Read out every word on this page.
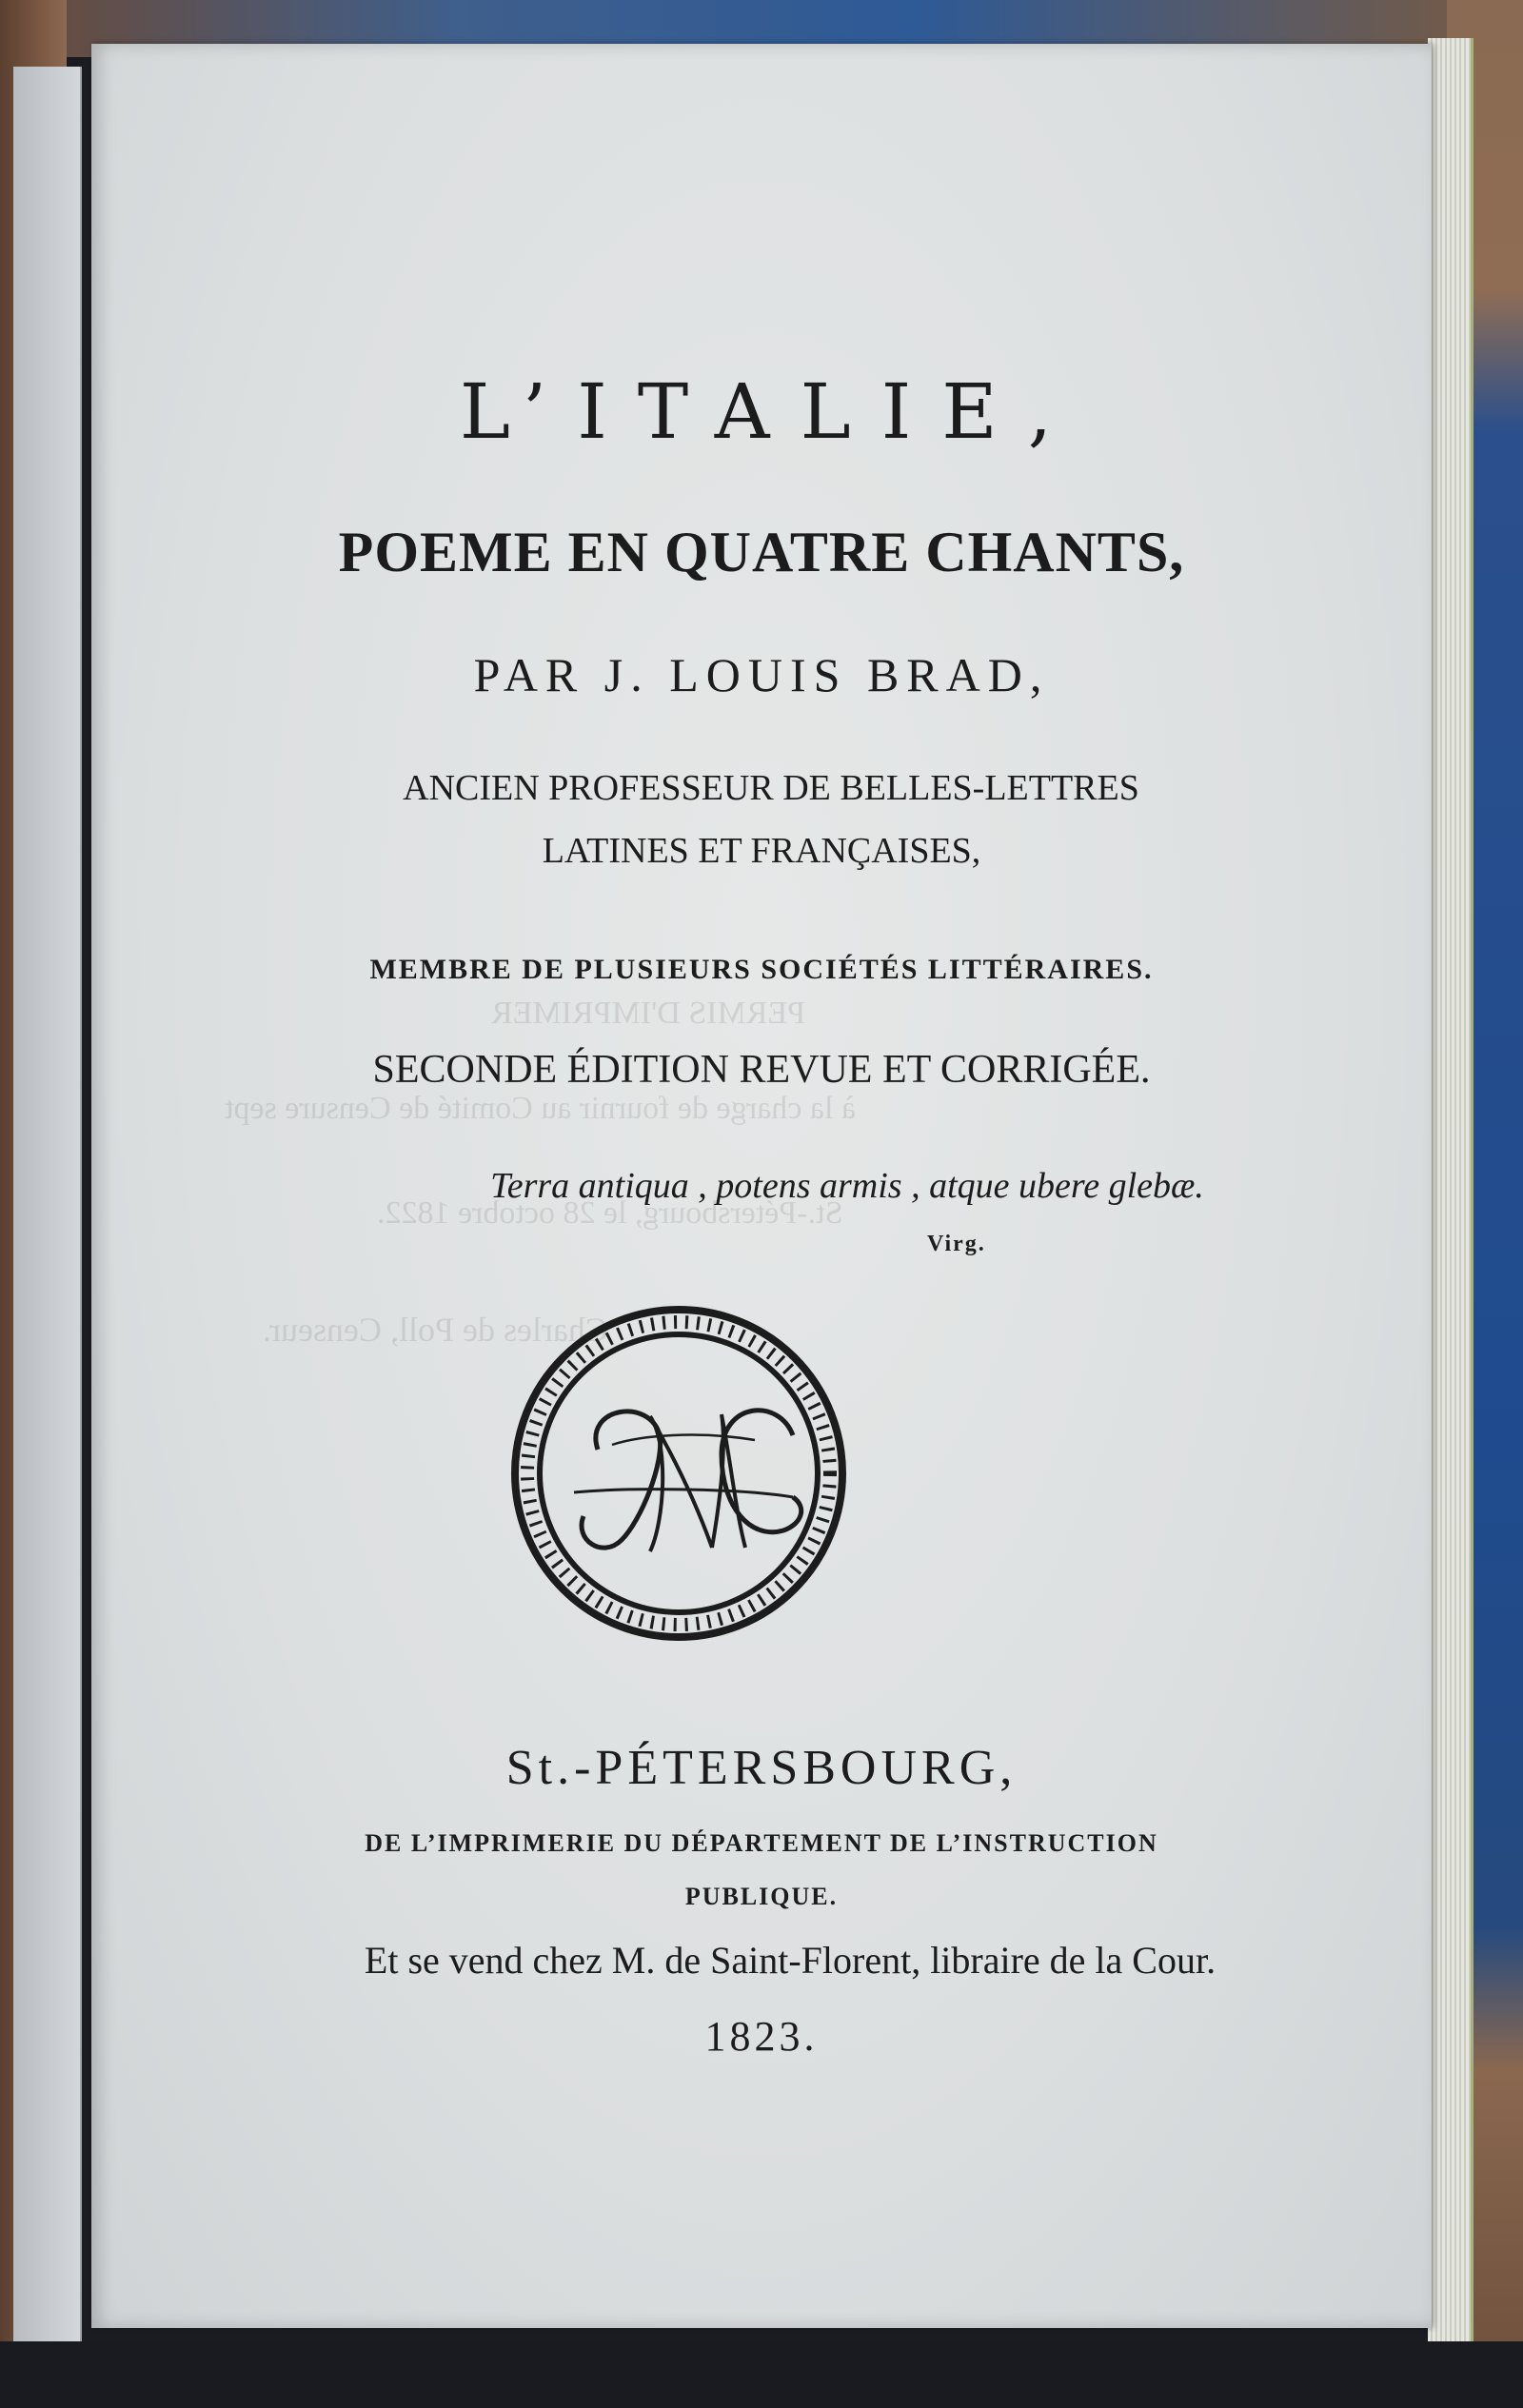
PERMIS D'IMPRIMER
à la charge de fournir au Comité de Censure sept
St.-Pétersbourg, le 28 octobre 1822.
Charles de Poll, Censeur.
L’ITALIE,
POEME EN QUATRE CHANTS,
PAR J. LOUIS BRAD,
ANCIEN PROFESSEUR DE BELLES-LETTRES
LATINES ET FRANÇAISES,
MEMBRE DE PLUSIEURS SOCIÉTÉS LITTÉRAIRES.
SECONDE ÉDITION REVUE ET CORRIGÉE.
Terra antiqua , potens armis , atque ubere glebæ.
Virg.
St.-PÉTERSBOURG,
DE L’IMPRIMERIE DU DÉPARTEMENT DE L’INSTRUCTION
PUBLIQUE.
Et se vend chez M. de Saint-Florent, libraire de la Cour.
1823.
